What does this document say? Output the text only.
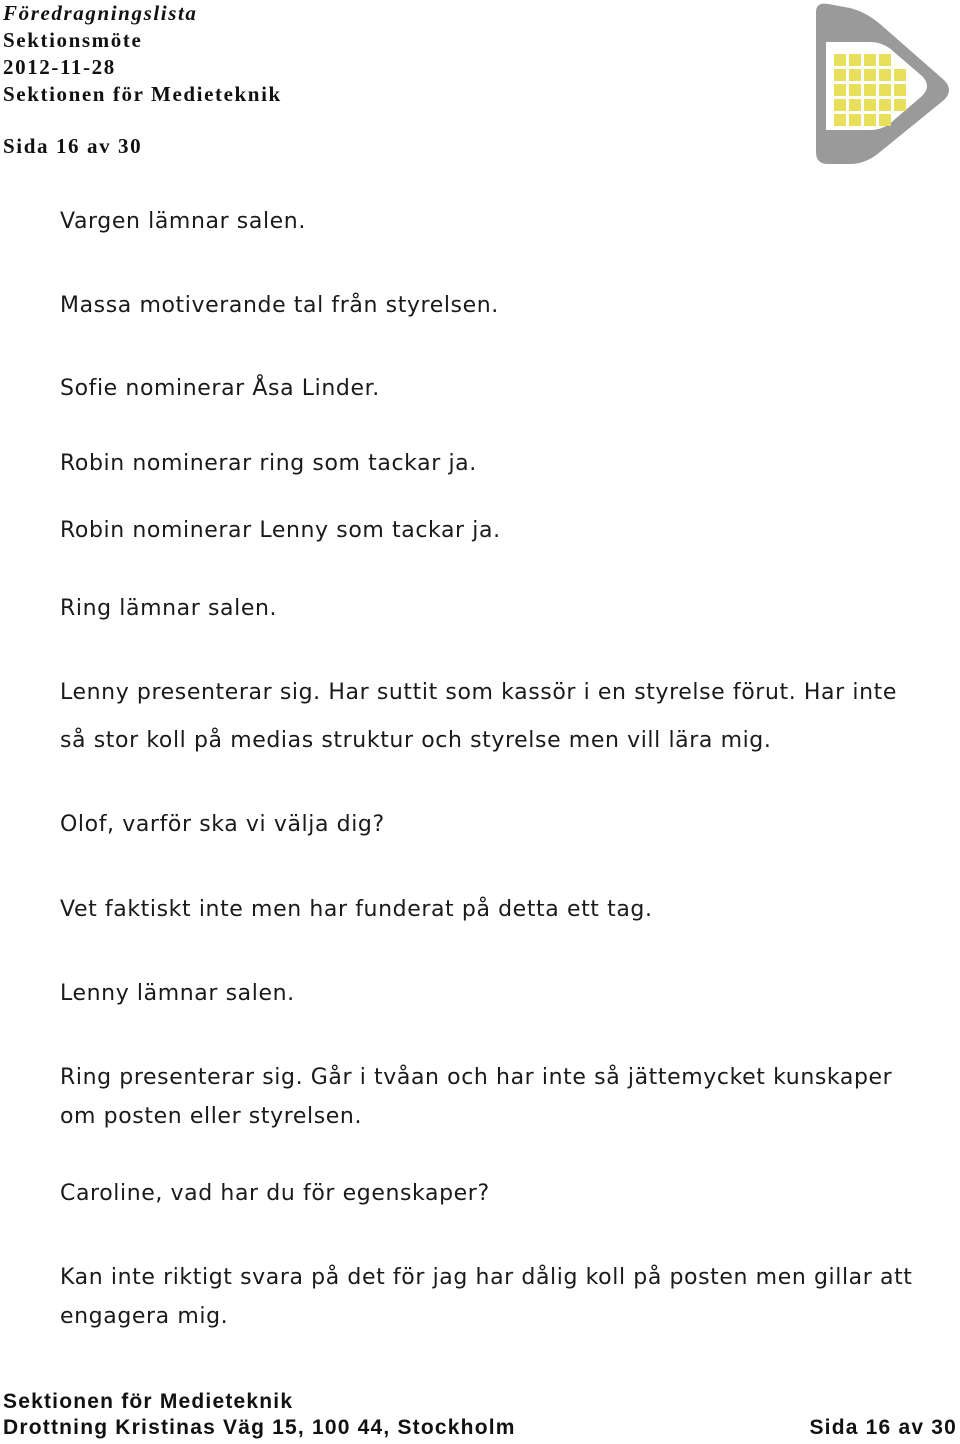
Föredragningslista
Sektionsmöte
2012-11-28
Sektionen för Medieteknik
Sida 16 av 30
Vargen lämnar salen.
Massa motiverande tal från styrelsen.
Sofie nominerar Åsa Linder.
Robin nominerar ring som tackar ja.
Robin nominerar Lenny som tackar ja.
Ring lämnar salen.
Lenny presenterar sig. Har suttit som kassör i en styrelse förut. Har inte
så stor koll på medias struktur och styrelse men vill lära mig.
Olof, varför ska vi välja dig?
Vet faktiskt inte men har funderat på detta ett tag.
Lenny lämnar salen.
Ring presenterar sig. Går i tvåan och har inte så jättemycket kunskaper
om posten eller styrelsen.
Caroline, vad har du för egenskaper?
Kan inte riktigt svara på det för jag har dålig koll på posten men gillar att
engagera mig.
Sektionen för Medieteknik
Drottning Kristinas Väg 15, 100 44, Stockholm	Sida 16 av 30
